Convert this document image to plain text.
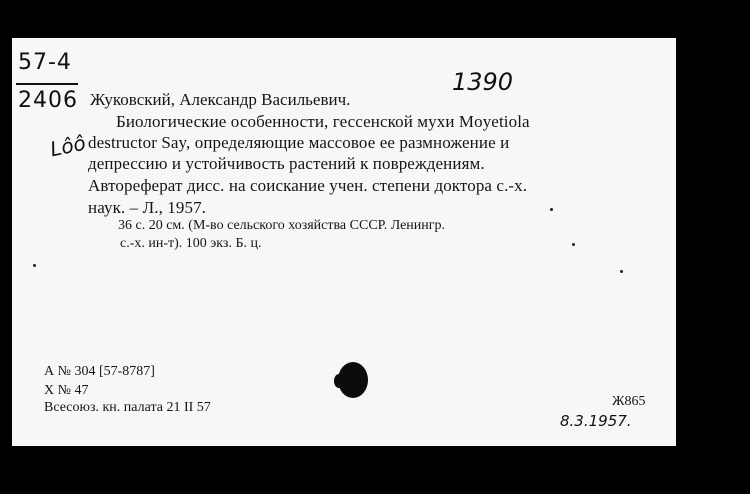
57-4
2406
1390
Lôô
Жуковский, Александр Васильевич.
Биологические особенности, гессенской мухи Moyetiola
destructor Say, определяющие массовое ее размножение и
депрессию и устойчивость растений к повреждениям.
Автореферат дисс. на соискание учен. степени доктора с.-х.
наук. – Л., 1957.
36 с. 20 см. (М-во сельского хозяйства СССР. Ленингр.
с.-х. ин-т). 100 экз. Б. ц.
А № 304 [57-8787]
Х № 47
Всесоюз. кн. палата 21 II 57	Ж865
8.3.1957.
